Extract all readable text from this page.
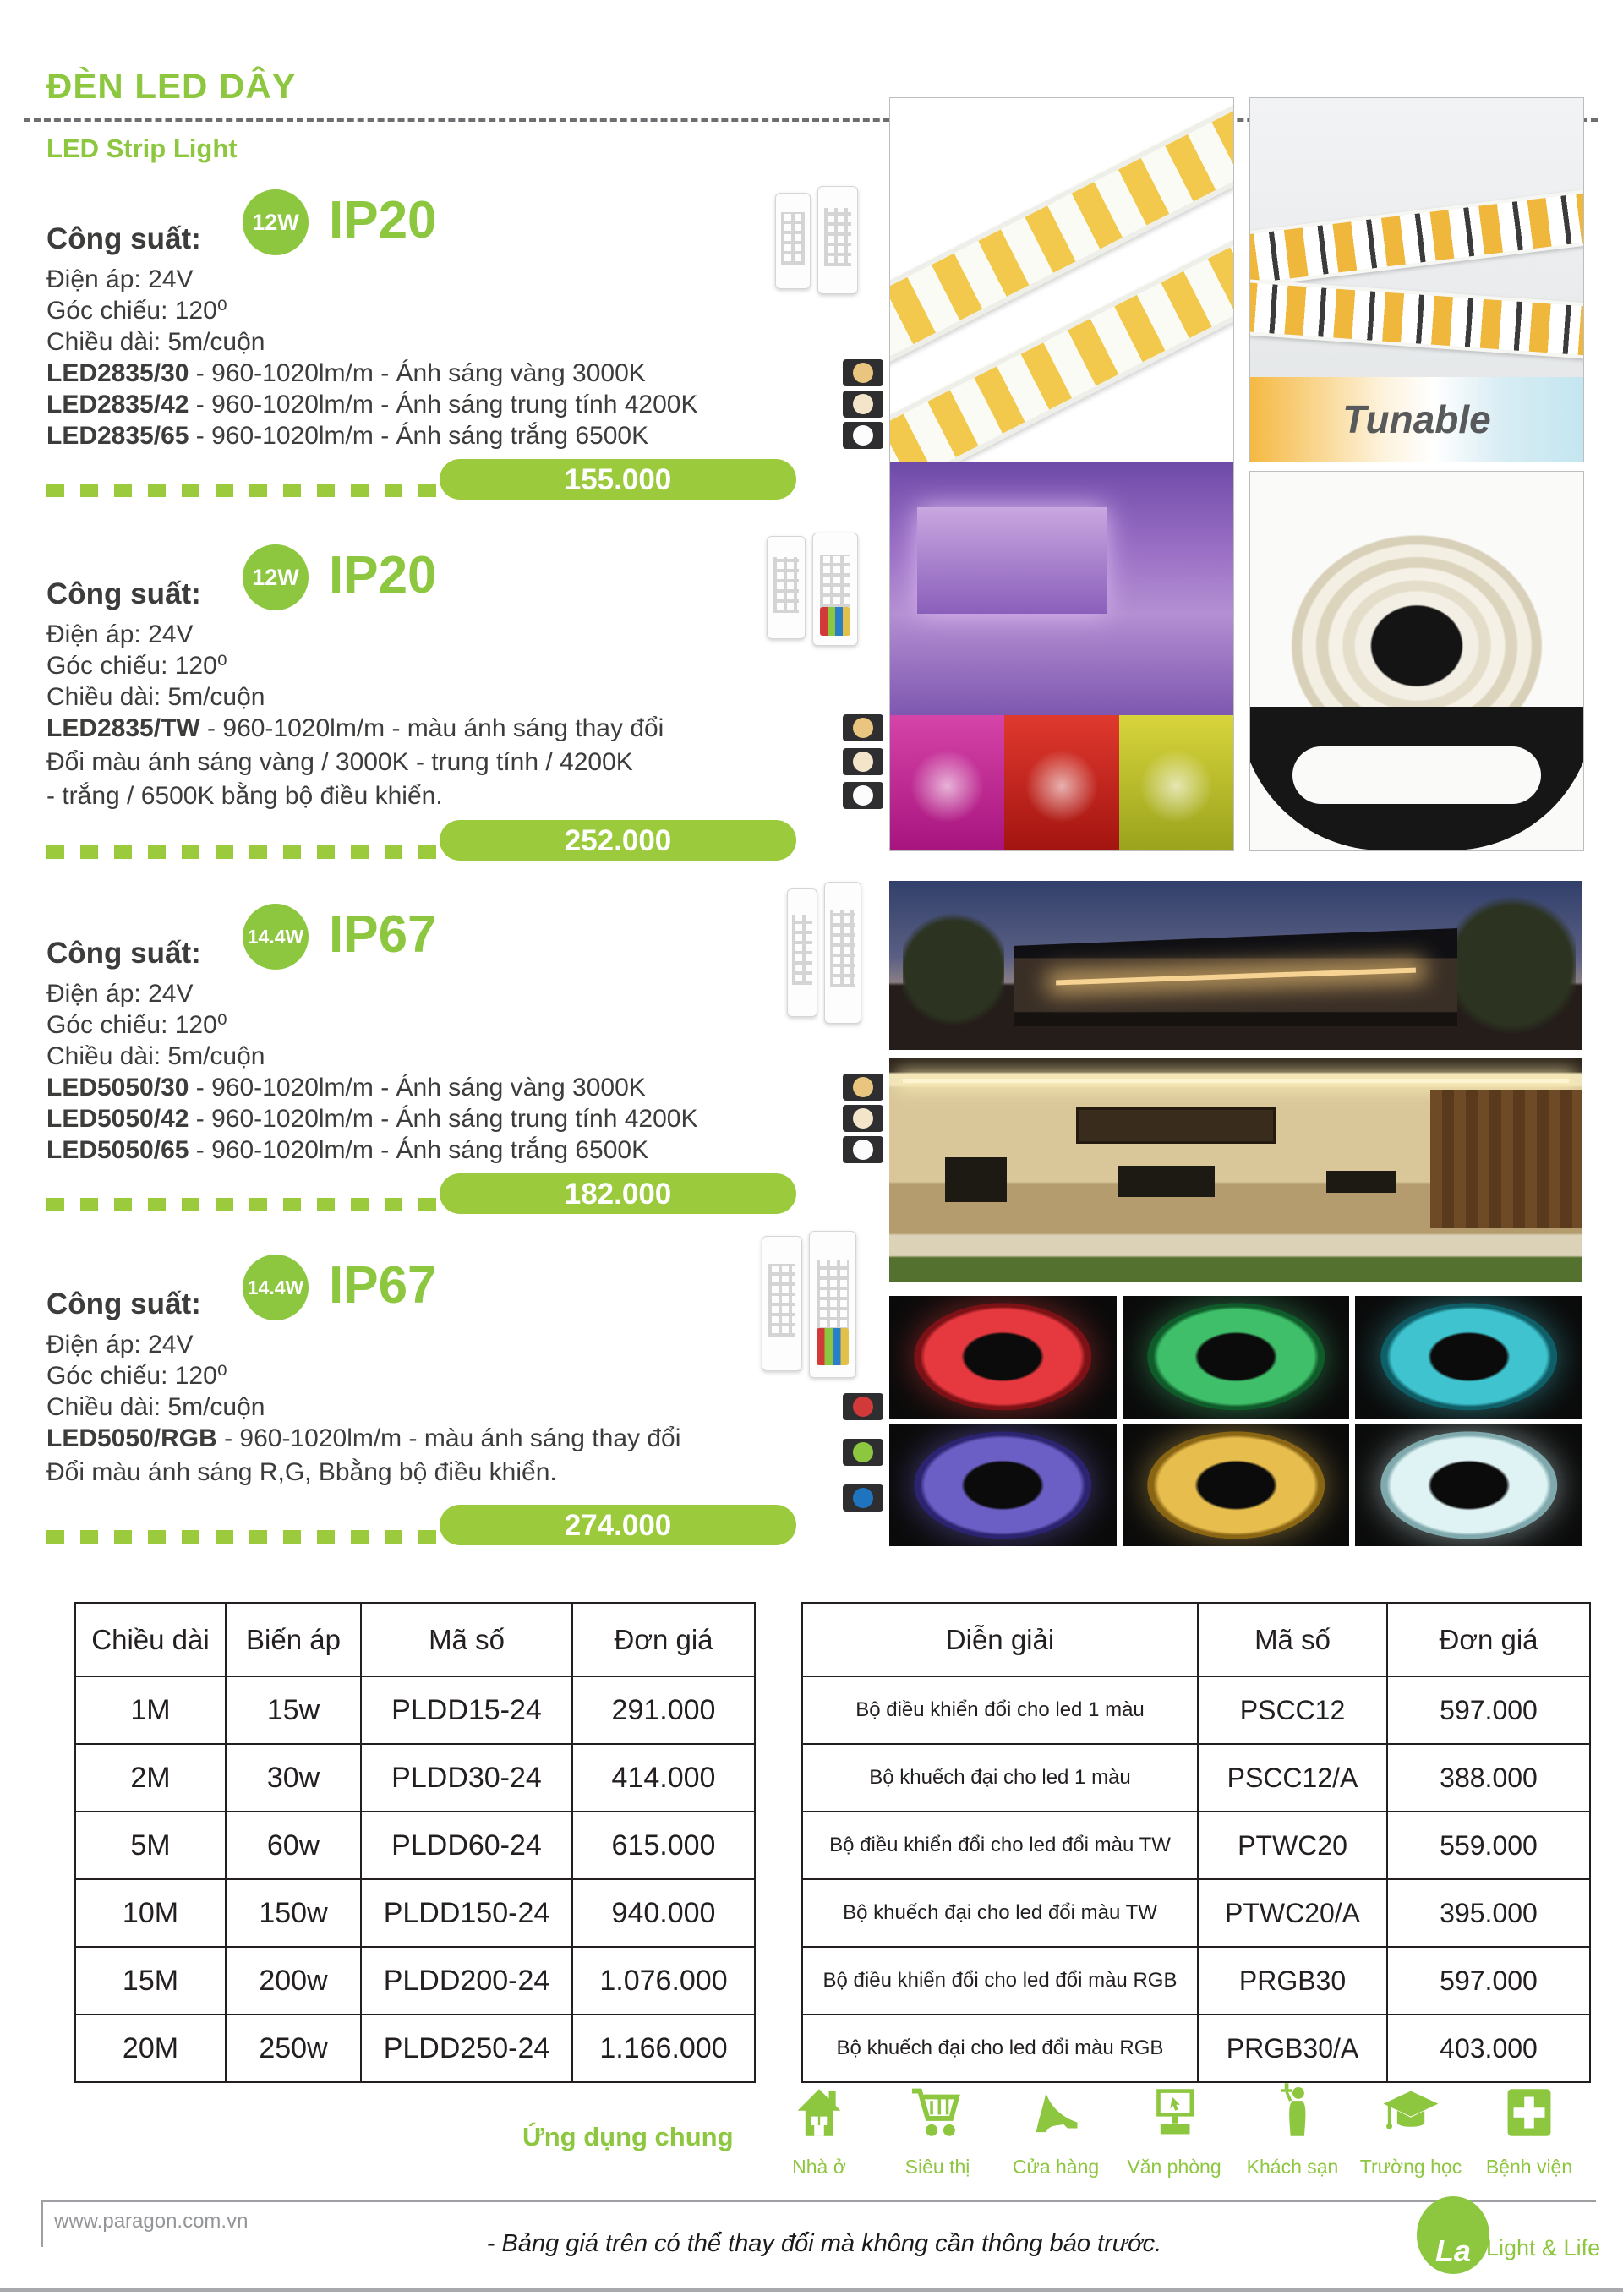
ĐÈN LED DÂY
LED Strip Light
Công suất:
12W IP20
Điện áp: 24V
Góc chiếu: 120⁰
Chiều dài: 5m/cuộn
LED2835/30 - 960-1020lm/m - Ánh sáng vàng 3000K
LED2835/42 - 960-1020lm/m - Ánh sáng trung tính 4200K
LED2835/65 - 960-1020lm/m - Ánh sáng trắng 6500K
155.000
Công suất:
12W IP20
Điện áp: 24V
Góc chiếu: 120⁰
Chiều dài: 5m/cuộn
LED2835/TW - 960-1020lm/m - màu ánh sáng thay đổi
Đổi màu ánh sáng vàng / 3000K - trung tính / 4200K
- trắng / 6500K bằng bộ điều khiển.
252.000
Công suất:
14.4W IP67
Điện áp: 24V
Góc chiếu: 120⁰
Chiều dài: 5m/cuộn
LED5050/30 - 960-1020lm/m - Ánh sáng vàng 3000K
LED5050/42 - 960-1020lm/m - Ánh sáng trung tính 4200K
LED5050/65 - 960-1020lm/m - Ánh sáng trắng 6500K
182.000
Công suất:
14.4W IP67
Điện áp: 24V
Góc chiếu: 120⁰
Chiều dài: 5m/cuộn
LED5050/RGB - 960-1020lm/m - màu ánh sáng thay đổi
Đổi màu ánh sáng R,G, Bbằng bộ điều khiển.
274.000
Tunable
Chiều dài	Biến áp	Mã số	Đơn giá
1M	15w	PLDD15-24	291.000
2M	30w	PLDD30-24	414.000
5M	60w	PLDD60-24	615.000
10M	150w	PLDD150-24	940.000
15M	200w	PLDD200-24	1.076.000
20M	250w	PLDD250-24	1.166.000
Diễn giải	Mã số	Đơn giá
Bộ điều khiển đổi cho led 1 màu	PSCC12	597.000
Bộ khuếch đại cho led 1 màu	PSCC12/A	388.000
Bộ điều khiển đổi cho led đổi màu TW	PTWC20	559.000
Bộ khuếch đại cho led đổi màu TW	PTWC20/A	395.000
Bộ điều khiển đổi cho led đổi màu RGB	PRGB30	597.000
Bộ khuếch đại cho led đổi màu RGB	PRGB30/A	403.000
Ứng dụng chung
Nhà ở	Siêu thị Cửa hàng Văn phòng Khách sạn Trường học Bệnh viện
www.paragon.com.vn
- Bảng giá trên có thể thay đổi mà không cần thông báo trước.	La Light & Life
